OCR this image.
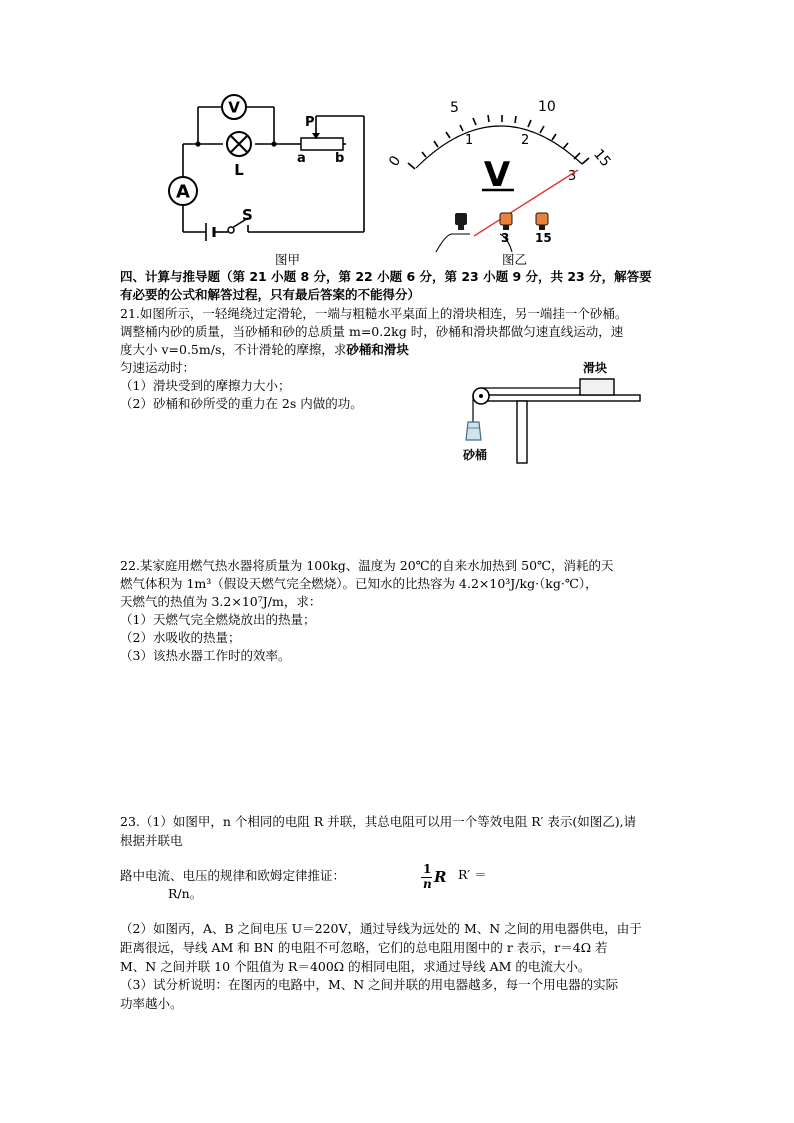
V
L
A
S
P
a b
图甲
0
5	10
15
1	2
3
V
3 15
图乙

四、计算与推导题（第 21 小题 8 分，第 22 小题 6 分，第 23 小题 9 分，共 23 分，解答要

有必要的公式和解答过程，只有最后答案的不能得分）

21.如图所示，一轻绳绕过定滑轮，一端与粗糙水平桌面上的滑块相连，另一端挂一个砂桶。

调整桶内砂的质量，当砂桶和砂的总质量 m=0.2kg 时，砂桶和滑块都做匀速直线运动，速

度大小 v=0.5m/s，不计滑轮的摩擦，求砂桶和滑块

匀速运动时：

（1）滑块受到的摩擦力大小；

（2）砂桶和砂所受的重力在 2s 内做的功。

滑块
砂桶

22.某家庭用燃气热水器将质量为 100kg、温度为 20℃的自来水加热到 50℃，消耗的天

燃气体积为 1m³（假设天燃气完全燃烧）。已知水的比热容为 4.2×10³J/kg·（kg·℃），

天燃气的热值为 3.2×10⁷J/m，求：

（1）天燃气完全燃烧放出的热量；

（2）水吸收的热量；

（3）该热水器工作时的效率。

23.（1）如图甲，n 个相同的电阻 R 并联，其总电阻可以用一个等效电阻 R′ 表示(如图乙),请

根据并联电

路中电流、电压的规律和欧姆定律推证：	1
n R R′ ＝

R/n。

（2）如图丙，A、B 之间电压 U＝220V，通过导线为远处的 M、N 之间的用电器供电，由于

距离很远，导线 AM 和 BN 的电阻不可忽略，它们的总电阻用图中的 r 表示，r＝4Ω 若

M、N 之间并联 10 个阻值为 R＝400Ω 的相同电阻，求通过导线 AM 的电流大小。

（3）试分析说明：在图丙的电路中，M、N 之间并联的用电器越多，每一个用电器的实际

功率越小。
